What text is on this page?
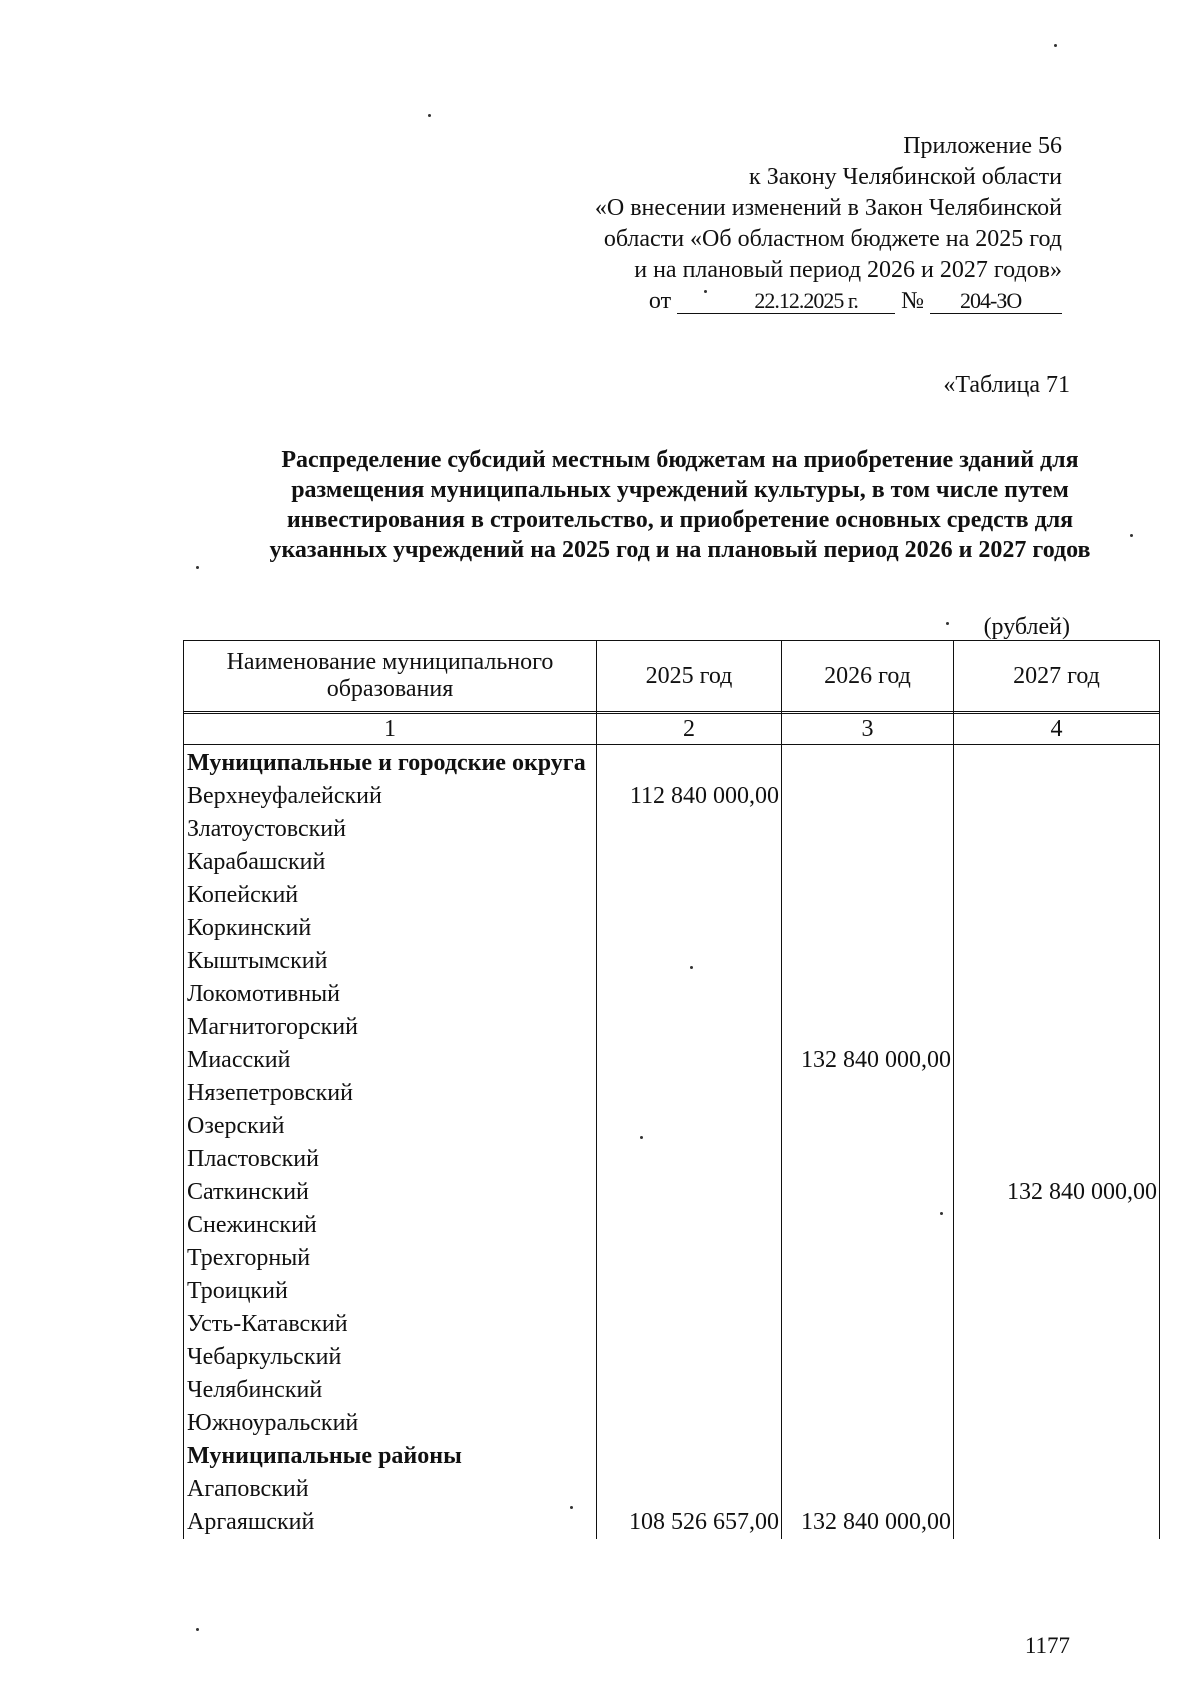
Приложение 56
к Закону Челябинской области
«О внесении изменений в Закон Челябинской
области «Об областном бюджете на 2025 год
и на плановый период 2026 и 2027 годов»
от	22.12.2025 г. № 204-ЗО
«Таблица 71
Распределение субсидий местным бюджетам на приобретение зданий для
размещения муниципальных учреждений культуры, в том числе путем
инвестирования в строительство, и приобретение основных средств для
указанных учреждений на 2025 год и на плановый период 2026 и 2027 годов
(рублей)
Наименование муниципального образования	2025 год	2026 год	2027 год

1	2	3	4
Муниципальные и городские округа			
Верхнеуфалейский	112 840 000,00		
Златоустовский			
Карабашский			
Копейский			
Коркинский			
Кыштымский			
Локомотивный			
Магнитогорский			
Миасский		132 840 000,00	
Нязепетровский			
Озерский			
Пластовский			
Саткинский			132 840 000,00
Снежинский			
Трехгорный			
Троицкий			
Усть-Катавский			
Чебаркульский			
Челябинский			
Южноуральский			
Муниципальные районы			
Агаповский			
Аргаяшский	108 526 657,00	132 840 000,00	
1177
